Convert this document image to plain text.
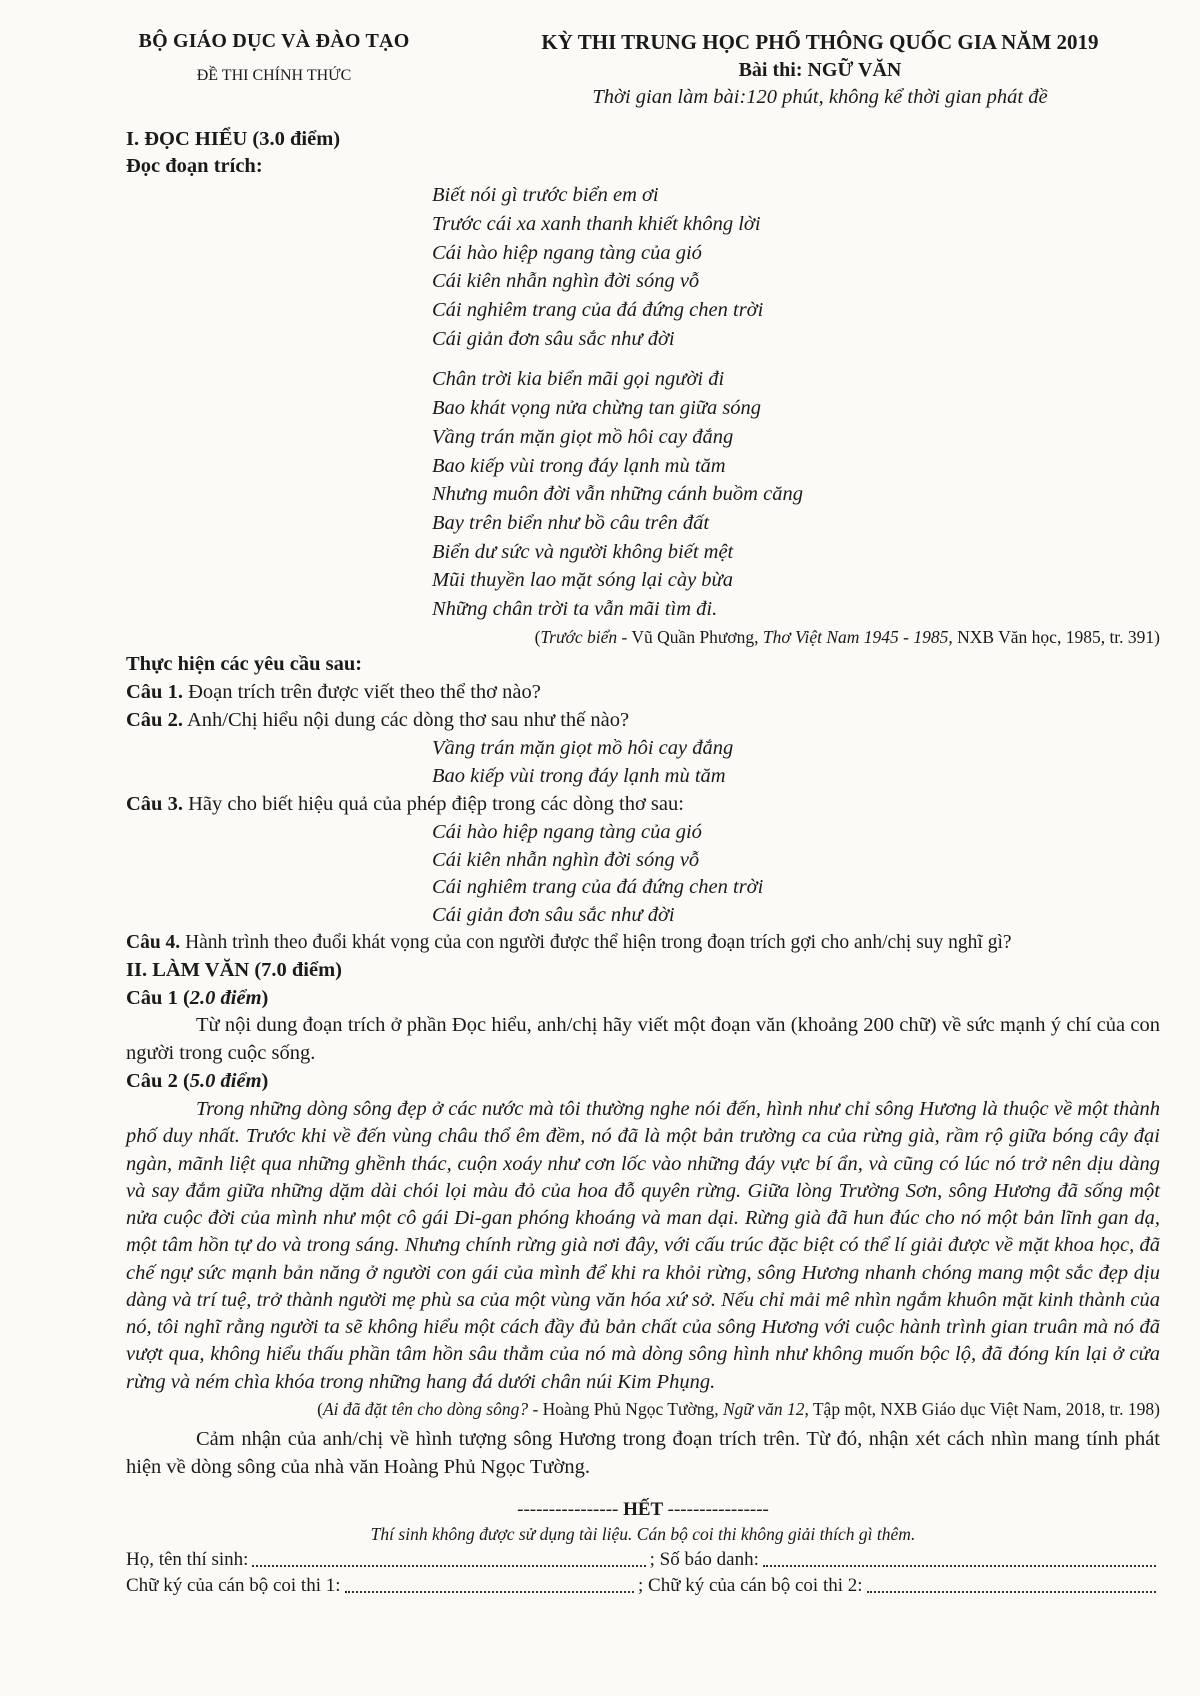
BỘ GIÁO DỤC VÀ ĐÀO TẠO
ĐỀ THI CHÍNH THỨC
KỲ THI TRUNG HỌC PHỔ THÔNG QUỐC GIA NĂM 2019
Bài thi: NGỮ VĂN
Thời gian làm bài:120 phút, không kể thời gian phát đề
I. ĐỌC HIỂU (3.0 điểm)
Đọc đoạn trích:
Biết nói gì trước biển em ơi
Trước cái xa xanh thanh khiết không lời
Cái hào hiệp ngang tàng của gió
Cái kiên nhẫn nghìn đời sóng vỗ
Cái nghiêm trang của đá đứng chen trời
Cái giản đơn sâu sắc như đời
Chân trời kia biển mãi gọi người đi
Bao khát vọng nửa chừng tan giữa sóng
Vầng trán mặn giọt mồ hôi cay đắng
Bao kiếp vùi trong đáy lạnh mù tăm
Nhưng muôn đời vẫn những cánh buồm căng
Bay trên biển như bồ câu trên đất
Biển dư sức và người không biết mệt
Mũi thuyền lao mặt sóng lại cày bừa
Những chân trời ta vẫn mãi tìm đi.
(Trước biển - Vũ Quần Phương, Thơ Việt Nam 1945 - 1985, NXB Văn học, 1985, tr. 391)
Thực hiện các yêu cầu sau:
Câu 1. Đoạn trích trên được viết theo thể thơ nào?
Câu 2. Anh/Chị hiểu nội dung các dòng thơ sau như thế nào?
Vầng trán mặn giọt mồ hôi cay đắng
Bao kiếp vùi trong đáy lạnh mù tăm
Câu 3. Hãy cho biết hiệu quả của phép điệp trong các dòng thơ sau:
Cái hào hiệp ngang tàng của gió
Cái kiên nhẫn nghìn đời sóng vỗ
Cái nghiêm trang của đá đứng chen trời
Cái giản đơn sâu sắc như đời
Câu 4. Hành trình theo đuổi khát vọng của con người được thể hiện trong đoạn trích gợi cho anh/chị suy nghĩ gì?
II. LÀM VĂN (7.0 điểm)
Câu 1 (2.0 điểm)
Từ nội dung đoạn trích ở phần Đọc hiểu, anh/chị hãy viết một đoạn văn (khoảng 200 chữ) về sức mạnh ý chí của con người trong cuộc sống.
Câu 2 (5.0 điểm)
Trong những dòng sông đẹp ở các nước mà tôi thường nghe nói đến, hình như chỉ sông Hương là thuộc về một thành phố duy nhất. Trước khi về đến vùng châu thổ êm đềm, nó đã là một bản trường ca của rừng già, rầm rộ giữa bóng cây đại ngàn, mãnh liệt qua những ghềnh thác, cuộn xoáy như cơn lốc vào những đáy vực bí ẩn, và cũng có lúc nó trở nên dịu dàng và say đắm giữa những dặm dài chói lọi màu đỏ của hoa đỗ quyên rừng. Giữa lòng Trường Sơn, sông Hương đã sống một nửa cuộc đời của mình như một cô gái Di-gan phóng khoáng và man dại. Rừng già đã hun đúc cho nó một bản lĩnh gan dạ, một tâm hồn tự do và trong sáng. Nhưng chính rừng già nơi đây, với cấu trúc đặc biệt có thể lí giải được về mặt khoa học, đã chế ngự sức mạnh bản năng ở người con gái của mình để khi ra khỏi rừng, sông Hương nhanh chóng mang một sắc đẹp dịu dàng và trí tuệ, trở thành người mẹ phù sa của một vùng văn hóa xứ sở. Nếu chỉ mải mê nhìn ngắm khuôn mặt kinh thành của nó, tôi nghĩ rằng người ta sẽ không hiểu một cách đầy đủ bản chất của sông Hương với cuộc hành trình gian truân mà nó đã vượt qua, không hiểu thấu phần tâm hồn sâu thẳm của nó mà dòng sông hình như không muốn bộc lộ, đã đóng kín lại ở cửa rừng và ném chìa khóa trong những hang đá dưới chân núi Kim Phụng.
(Ai đã đặt tên cho dòng sông? - Hoàng Phủ Ngọc Tường, Ngữ văn 12, Tập một, NXB Giáo dục Việt Nam, 2018, tr. 198)
Cảm nhận của anh/chị về hình tượng sông Hương trong đoạn trích trên. Từ đó, nhận xét cách nhìn mang tính phát hiện về dòng sông của nhà văn Hoàng Phủ Ngọc Tường.
---------------- HẾT ----------------
Thí sinh không được sử dụng tài liệu. Cán bộ coi thi không giải thích gì thêm.
Họ, tên thí sinh:	; Số báo danh:
Chữ ký của cán bộ coi thi 1:	; Chữ ký của cán bộ coi thi 2:
